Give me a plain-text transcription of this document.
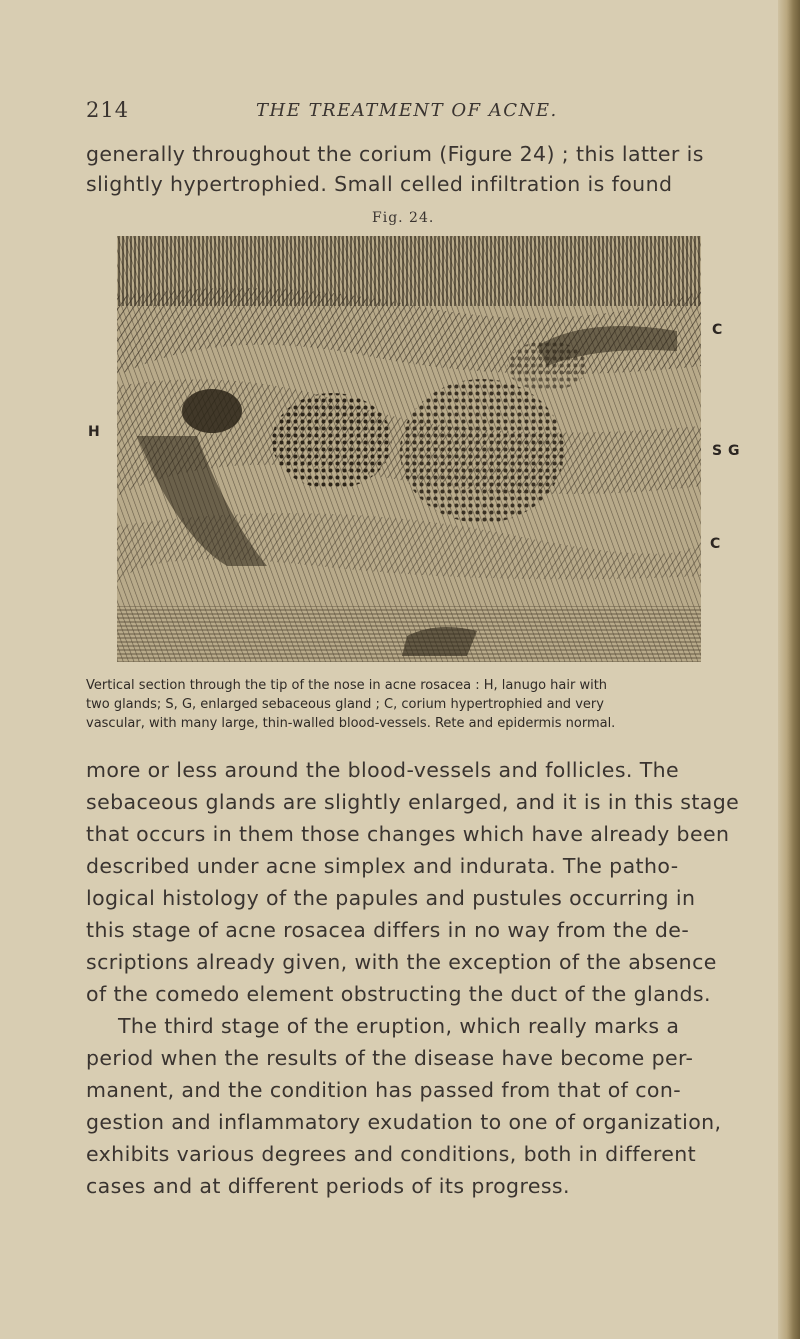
214	THE TREATMENT OF ACNE.
generally throughout the corium (Figure 24) ; this latter is
slightly hypertrophied. Small celled infiltration is found
Fig. 24.
H
C
S G
C
Vertical section through the tip of the nose in acne rosacea : H, lanugo hair with
two glands; S, G, enlarged sebaceous gland ; C, corium hypertrophied and very
vascular, with many large, thin-walled blood-vessels. Rete and epidermis normal.
more or less around the blood-vessels and follicles. The
sebaceous glands are slightly enlarged, and it is in this stage
that occurs in them those changes which have already been
described under acne simplex and indurata. The patho-
logical histology of the papules and pustules occurring in
this stage of acne rosacea differs in no way from the de-
scriptions already given, with the exception of the absence
of the comedo element obstructing the duct of the glands.
The third stage of the eruption, which really marks a
period when the results of the disease have become per-
manent, and the condition has passed from that of con-
gestion and inflammatory exudation to one of organization,
exhibits various degrees and conditions, both in different
cases and at different periods of its progress.
